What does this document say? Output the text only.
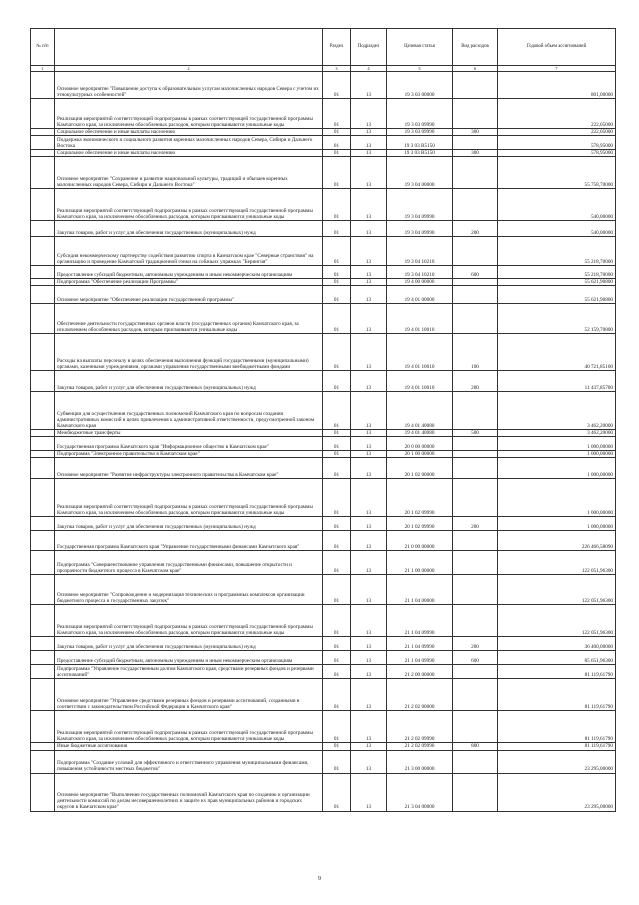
№ п/п		Раздел	Подраздел	Целевая статья	Вид расходов	Годовой объем ассигнований
1	2	3	4	5	6	7
	Основное мероприятие "Повышение доступа к образовательным услугам малочисленных народов Севера с учетом их этнокультурных особенностей"	01	13	19 3 03 00000		801,00000
	Реализация мероприятий соответствующей подпрограммы в рамках соответствующей государственной программы Камчатского края, за исключением обособленных расходов, которым присваиваются уникальные коды	01	13	19 3 03 09990		222,05000
	Социальное обеспечение и иные выплаты населению	01	13	19 3 03 09990	300	222,05000
	Поддержка экономического и социального развития коренных малочисленных народов Севера, Сибири и Дальнего Востока	01	13	19 3 03 R5150		578,95000
	Социальное обеспечение и иные выплаты населению	01	13	19 3 03 R5150	300	578,95000
	Основное мероприятие "Сохранение и развитие национальной культуры, традиций и обычаев коренных малочисленных народов Севера, Сибири и Дальнего Востока"	01	13	19 3 04 00000		55 758,70000
	Реализация мероприятий соответствующей подпрограммы в рамках соответствующей государственной программы Камчатского края, за исключением обособленных расходов, которым присваиваются уникальные коды	01	13	19 3 04 09990		540,00000
	Закупка товаров, работ и услуг для обеспечения государственных (муниципальных) нужд	01	13	19 3 04 09990	200	540,00000
	Субсидия некоммерческому партнерству содействия развитию спорта в Камчатском крае "Северные странствия" на организацию и проведение Камчатской традиционной гонки на собачьих упряжках "Берингия"	01	13	19 3 04 10210		55 218,70000
	Предоставление субсидий бюджетным, автономным учреждениям и иным некоммерческим организациям	01	13	19 3 04 10210	600	55 218,70000
	Подпрограмма "Обеспечение реализации Программы"	01	13	19 4 00 00000		55 621,90800
	Основное мероприятие "Обеспечение реализации государственной программы"	01	13	19 4 01 00000		55 621,90800
	Обеспечение деятельности государственных органов власти (государственных органов) Камчатского края, за исключением обособленных расходов, которым присваиваются уникальные коды	01	13	19 4 01 10010		52 159,70800
	Расходы на выплаты персоналу в целях обеспечения выполнения функций государственными (муниципальными) органами, казенными учреждениями, органами управления государственными внебюджетными фондами	01	13	19 4 01 10010	100	40 721,85100
	Закупка товаров, работ и услуг для обеспечения государственных (муниципальных) нужд	01	13	19 4 01 10010	200	11 437,85700
	Субвенции для осуществления государственных полномочий Камчатского края по вопросам создания административных комиссий в целях привлечения к административной ответственности, предусмотренной законом Камчатского края	01	13	19 4 01 40080		3 462,20000
	Межбюджетные трансферты	01	13	19 4 01 40080	500	3 462,20000
	Государственная программа Камчатского края "Информационное общество в Камчатском крае"	01	13	20 0 00 00000		1 000,00000
	Подпрограмма "Электронное правительство в Камчатском крае"	01	13	20 1 00 00000		1 000,00000
	Основное мероприятие "Развитие инфраструктуры электронного правительства в Камчатском крае"	01	13	20 1 02 00000		1 000,00000
	Реализация мероприятий соответствующей подпрограммы в рамках соответствующей государственной программы Камчатского края, за исключением обособленных расходов, которым присваиваются уникальные коды	01	13	20 1 02 09990		1 000,00000
	Закупка товаров, работ и услуг для обеспечения государственных (муниципальных) нужд	01	13	20 1 02 09990	200	1 000,00000
	Государственная программа Камчатского края "Управление государственными финансами Камчатского края"	01	13	21 0 00 00000		226 466,58090
	Подпрограмма "Совершенствование управления государственными финансами, повышение открытости и прозрачности бюджетного процесса в Камчатском крае"	01	13	21 1 00 00000		122 051,96300
	Основное мероприятие "Сопровождение и модернизация технических и программных комплексов организации бюджетного процесса и государственных закупок"	01	13	21 1 04 00000		122 051,96300
	Реализация мероприятий соответствующей подпрограммы в рамках соответствующей государственной программы Камчатского края, за исключением обособленных расходов, которым присваиваются уникальные коды	01	13	21 1 04 09990		122 051,96300
	Закупка товаров, работ и услуг для обеспечения государственных (муниципальных) нужд	01	13	21 1 04 09990	200	36 400,00000
	Предоставление субсидий бюджетным, автономным учреждениям и иным некоммерческим организациям	01	13	21 1 04 09990	600	85 651,96300
	Подпрограмма "Управление государственным долгом Камчатского края, средствами резервных фондов и резервами ассигнований"	01	13	21 2 00 00000		81 119,61790
	Основное мероприятие "Управление средствами резервных фондов и резервами ассигнований, созданными в соответствии с законодательством Российской Федерации и Камчатского края"	01	13	21 2 02 00000		81 119,61790
	Реализация мероприятий соответствующей подпрограммы в рамках соответствующей государственной программы Камчатского края, за исключением обособленных расходов, которым присваиваются уникальные коды	01	13	21 2 02 09990		81 119,61790
	Иные бюджетные ассигнования	01	13	21 2 02 09990	800	81 119,61790
	Подпрограмма "Создание условий для эффективного и ответственного управления муниципальными финансами, повышения устойчивости местных бюджетов"	01	13	21 3 00 00000		23 295,00000
	Основное мероприятие "Выполнение государственных полномочий Камчатского края по созданию и организации деятельности комиссий по делам несовершеннолетних и защите их прав муниципальных районов и городских округов в Камчатском крае"	01	13	21 3 04 00000		23 295,00000
9
